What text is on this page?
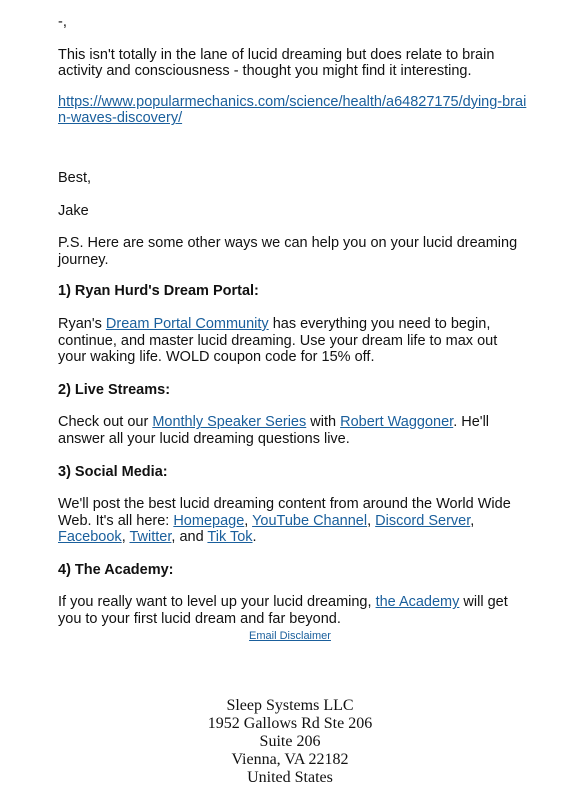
-,

This isn't totally in the lane of lucid dreaming but does relate to brain activity and consciousness - thought you might find it interesting.

https://www.popularmechanics.com/science/health/a64827175/dying-brain-waves-discovery/

Best,

Jake

P.S. Here are some other ways we can help you on your lucid dreaming journey.

1) Ryan Hurd's Dream Portal:

Ryan's Dream Portal Community has everything you need to begin, continue, and master lucid dreaming. Use your dream life to max out your waking life. WOLD coupon code for 15% off.

2) Live Streams:

Check out our Monthly Speaker Series with Robert Waggoner. He'll answer all your lucid dreaming questions live.

3) Social Media:

We'll post the best lucid dreaming content from around the World Wide Web. It's all here: Homepage, YouTube Channel, Discord Server, Facebook, Twitter, and Tik Tok.

4) The Academy:

If you really want to level up your lucid dreaming, the Academy will get you to your first lucid dream and far beyond.

Email Disclaimer
Sleep Systems LLC
1952 Gallows Rd Ste 206
Suite 206
Vienna, VA 22182
United States
